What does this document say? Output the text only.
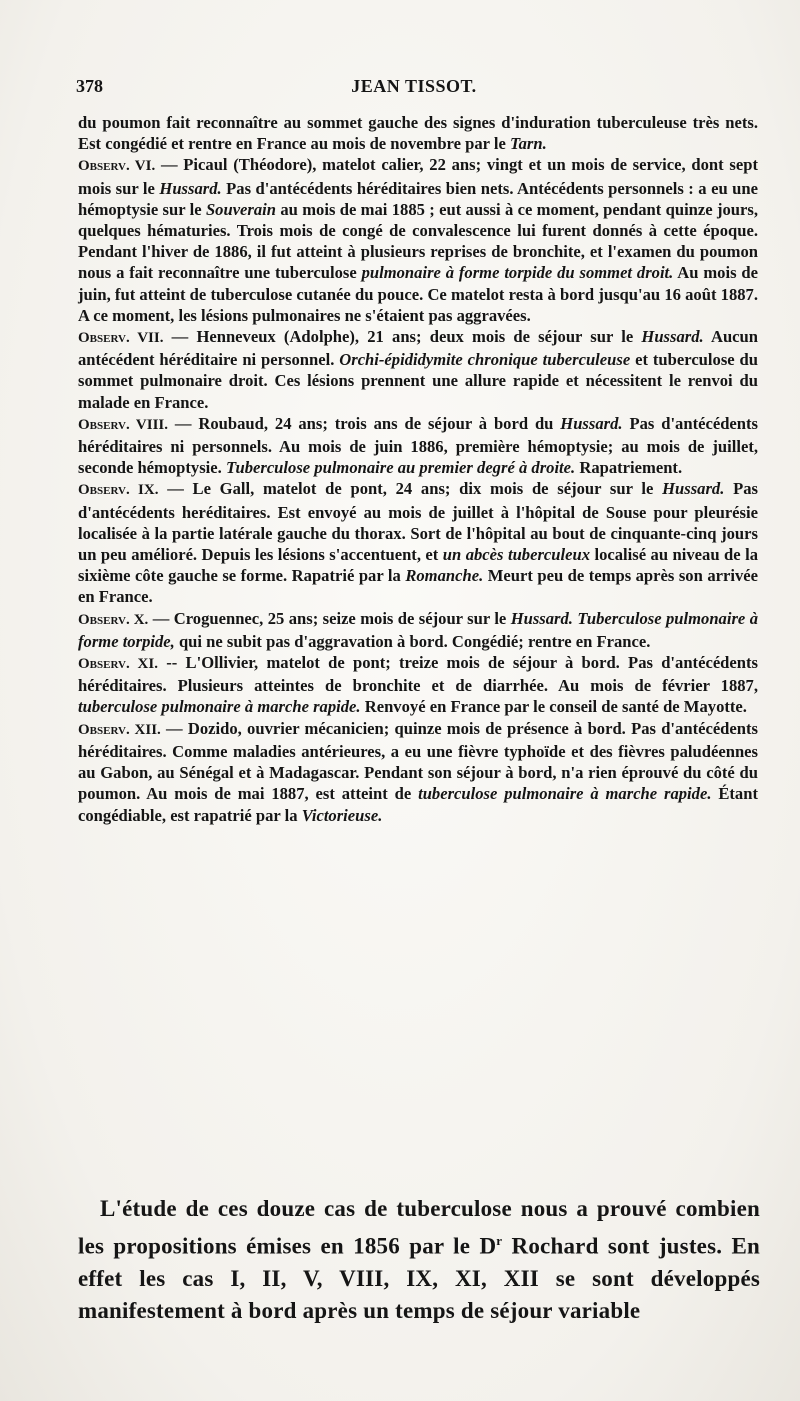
378	JEAN TISSOT.

du poumon fait reconnaître au sommet gauche des signes d'induration tuberculeuse très nets. Est congédié et rentre en France au mois de novembre par le Tarn.

Observ. VI. — Picaul (Théodore), matelot calier, 22 ans; vingt et un mois de service, dont sept mois sur le Hussard. Pas d'antécédents héréditaires bien nets. Antécédents personnels : a eu une hémoptysie sur le Souverain au mois de mai 1885 ; eut aussi à ce moment, pendant quinze jours, quelques hématuries. Trois mois de congé de convalescence lui furent donnés à cette époque. Pendant l'hiver de 1886, il fut atteint à plusieurs reprises de bronchite, et l'examen du poumon nous a fait reconnaître une tuberculose pulmonaire à forme torpide du sommet droit. Au mois de juin, fut atteint de tuberculose cutanée du pouce. Ce matelot resta à bord jusqu'au 16 août 1887. A ce moment, les lésions pulmonaires ne s'étaient pas aggravées.

Observ. VII. — Henneveux (Adolphe), 21 ans; deux mois de séjour sur le Hussard. Aucun antécédent héréditaire ni personnel. Orchi-épididymite chronique tuberculeuse et tuberculose du sommet pulmonaire droit. Ces lésions prennent une allure rapide et nécessitent le renvoi du malade en France.

Observ. VIII. — Roubaud, 24 ans; trois ans de séjour à bord du Hussard. Pas d'antécédents héréditaires ni personnels. Au mois de juin 1886, première hémoptysie; au mois de juillet, seconde hémoptysie. Tuberculose pulmonaire au premier degré à droite. Rapatriement.

Observ. IX. — Le Gall, matelot de pont, 24 ans; dix mois de séjour sur le Hussard. Pas d'antécédents heréditaires. Est envoyé au mois de juillet à l'hôpital de Souse pour pleurésie localisée à la partie latérale gauche du thorax. Sort de l'hôpital au bout de cinquante-cinq jours un peu amélioré. Depuis les lésions s'accentuent, et un abcès tuberculeux localisé au niveau de la sixième côte gauche se forme. Rapatrié par la Romanche. Meurt peu de temps après son arrivée en France.

Observ. X. — Croguennec, 25 ans; seize mois de séjour sur le Hussard. Tuberculose pulmonaire à forme torpide, qui ne subit pas d'aggravation à bord. Congédié; rentre en France.

Observ. XI. -- L'Ollivier, matelot de pont; treize mois de séjour à bord. Pas d'antécédents héréditaires. Plusieurs atteintes de bronchite et de diarrhée. Au mois de février 1887, tuberculose pulmonaire à marche rapide. Renvoyé en France par le conseil de santé de Mayotte.

Observ. XII. — Dozido, ouvrier mécanicien; quinze mois de présence à bord. Pas d'antécédents héréditaires. Comme maladies antérieures, a eu une fièvre typhoïde et des fièvres paludéennes au Gabon, au Sénégal et à Madagascar. Pendant son séjour à bord, n'a rien éprouvé du côté du poumon. Au mois de mai 1887, est atteint de tuberculose pulmonaire à marche rapide. Étant congédiable, est rapatrié par la Victorieuse.

L'étude de ces douze cas de tuberculose nous a prouvé combien les propositions émises en 1856 par le $D^r$ Rochard sont justes. En effet les cas I, II, V, VIII, IX, XI, XII se sont développés manifestement à bord après un temps de séjour variable
